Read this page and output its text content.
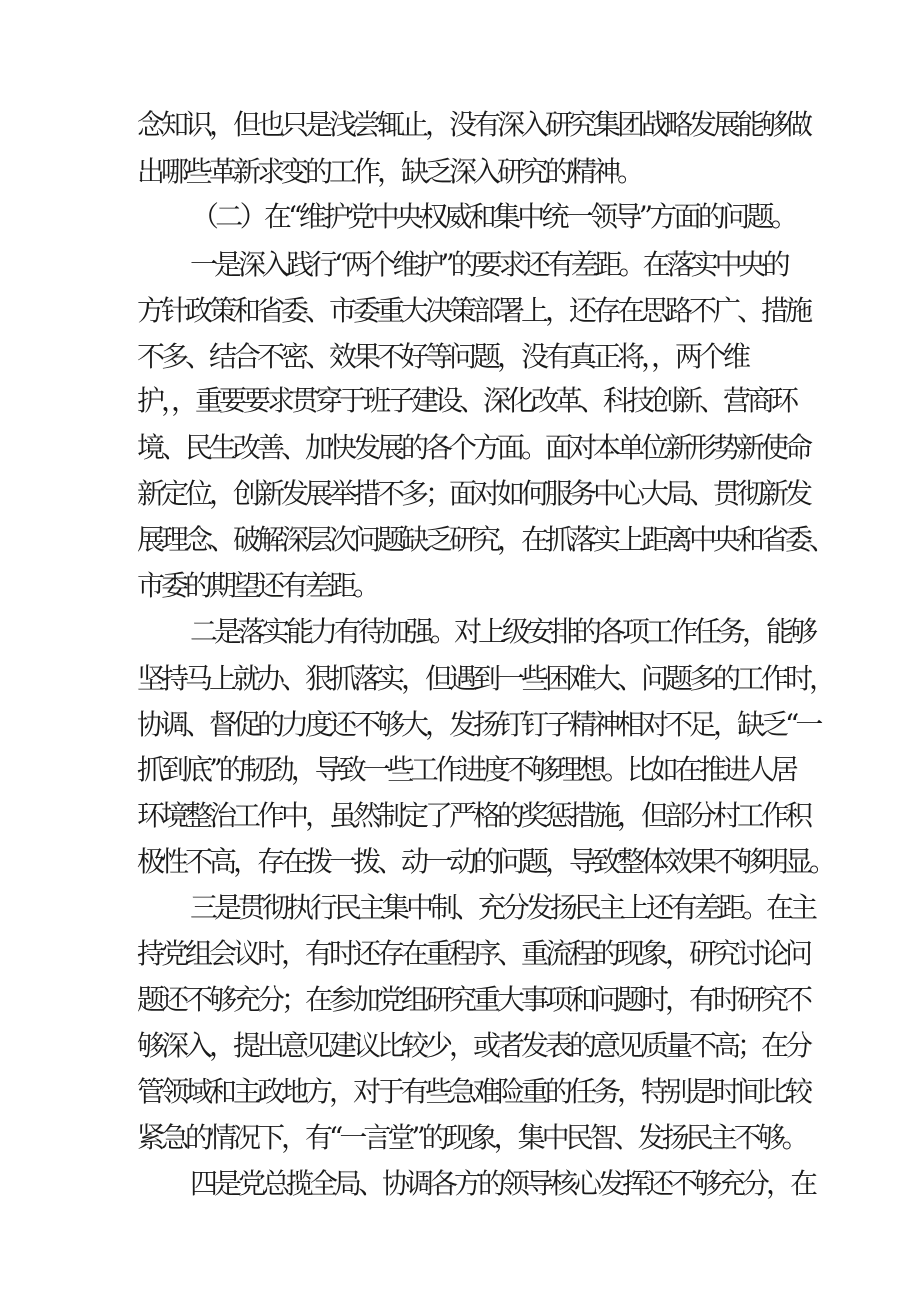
念知识，但也只是浅尝辄止，没有深入研究集团战略发展能够做
出哪些革新求变的工作，缺乏深入研究的精神。
（二）在“维护党中央权威和集中统一领导”方面的问题。
一是深入践行“两个维护”的要求还有差距。在落实中央的
方针政策和省委、市委重大决策部署上，还存在思路不广、措施
不多、结合不密、效果不好等问题，没有真正将，，两个维
护，，重要要求贯穿于班子建设、深化改革、科技创新、营商环
境、民生改善、加快发展的各个方面。面对本单位新形势新使命
新定位，创新发展举措不多；面对如何服务中心大局、贯彻新发
展理念、破解深层次问题缺乏研究，在抓落实上距离中央和省委、
市委的期望还有差距。
二是落实能力有待加强。对上级安排的各项工作任务，能够
坚持马上就办、狠抓落实，但遇到一些困难大、问题多的工作时，
协调、督促的力度还不够大，发扬钉钉子精神相对不足，缺乏“一
抓到底’’的韧劲，导致一些工作进度不够理想。比如在推进人居
环境整治工作中，虽然制定了严格的奖惩措施，但部分村工作积
极性不高，存在拨一拨、动一动的问题，导致整体效果不够明显。
三是贯彻执行民主集中制、充分发扬民主上还有差距。在主
持党组会议时，有时还存在重程序、重流程的现象，研究讨论问
题还不够充分；在参加党组研究重大事项和问题时，有时研究不
够深入，提出意见建议比较少，或者发表的意见质量不高；在分
管领域和主政地方，对于有些急难险重的任务，特别是时间比较
紧急的情况下，有“一言堂”的现象，集中民智、发扬民主不够。
四是党总揽全局、协调各方的领导核心发挥还不够充分，在
